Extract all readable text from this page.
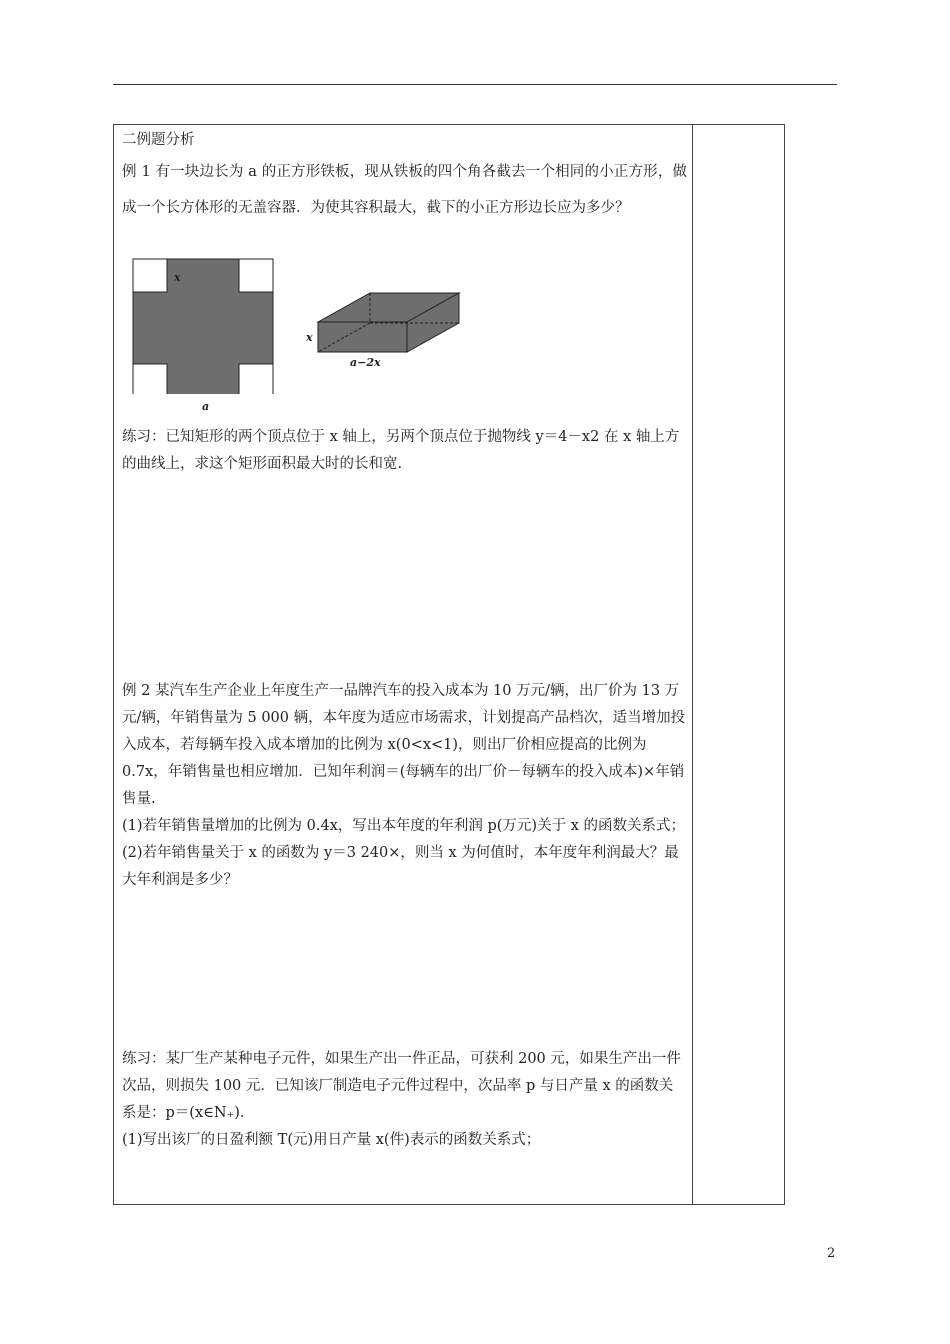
二例题分析

例 1 有一块边长为 a 的正方形铁板，现从铁板的四个角各截去一个相同的小正方形，做成一个长方体形的无盖容器．为使其容积最大，截下的小正方形边长应为多少？

x
a
x
a−2x

练习：已知矩形的两个顶点位于 x 轴上，另两个顶点位于抛物线 y＝4－x2 在 x 轴上方的曲线上，求这个矩形面积最大时的长和宽.

例 2 某汽车生产企业上年度生产一品牌汽车的投入成本为 10 万元/辆，出厂价为 13 万元/辆，年销售量为 5 000 辆，本年度为适应市场需求，计划提高产品档次，适当增加投入成本，若每辆车投入成本增加的比例为 x(0<x<1)，则出厂价相应提高的比例为 0.7x，年销售量也相应增加．已知年利润＝(每辆车的出厂价－每辆车的投入成本)×年销售量.

(1)若年销售量增加的比例为 0.4x，写出本年度的年利润 p(万元)关于 x 的函数关系式；

(2)若年销售量关于 x 的函数为 y＝3 240×，则当 x 为何值时，本年度年利润最大？最大年利润是多少？

练习：某厂生产某种电子元件，如果生产出一件正品，可获利 200 元，如果生产出一件次品，则损失 100 元．已知该厂制造电子元件过程中，次品率 p 与日产量 x 的函数关系是：p＝(x∈N₊)．

(1)写出该厂的日盈利额 T(元)用日产量 x(件)表示的函数关系式；

2
